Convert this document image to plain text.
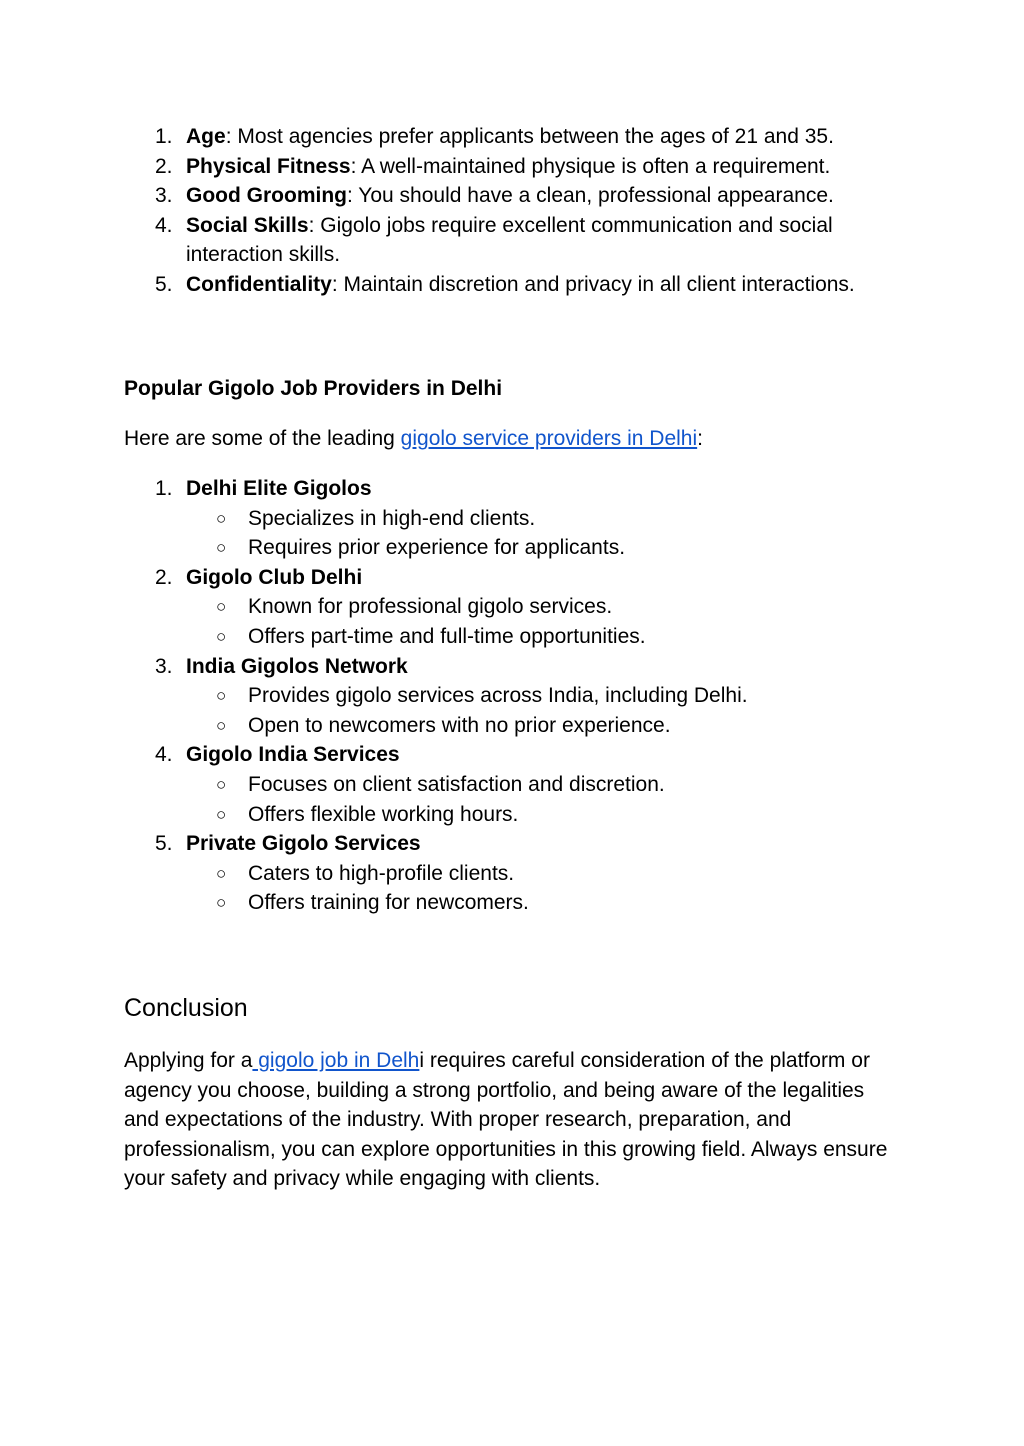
1. Age: Most agencies prefer applicants between the ages of 21 and 35.
2. Physical Fitness: A well-maintained physique is often a requirement.
3. Good Grooming: You should have a clean, professional appearance.
4. Social Skills: Gigolo jobs require excellent communication and social interaction skills.
5. Confidentiality: Maintain discretion and privacy in all client interactions.
Popular Gigolo Job Providers in Delhi

Here are some of the leading gigolo service providers in Delhi:

1. Delhi Elite Gigolos
○ Specializes in high-end clients.
○ Requires prior experience for applicants.
2. Gigolo Club Delhi
○ Known for professional gigolo services.
○ Offers part-time and full-time opportunities.
3. India Gigolos Network
○ Provides gigolo services across India, including Delhi.
○ Open to newcomers with no prior experience.
4. Gigolo India Services
○ Focuses on client satisfaction and discretion.
○ Offers flexible working hours.
5. Private Gigolo Services
○ Caters to high-profile clients.
○ Offers training for newcomers.
Conclusion

Applying for a gigolo job in Delhi requires careful consideration of the platform or agency you choose, building a strong portfolio, and being aware of the legalities and expectations of the industry. With proper research, preparation, and professionalism, you can explore opportunities in this growing field. Always ensure your safety and privacy while engaging with clients.
